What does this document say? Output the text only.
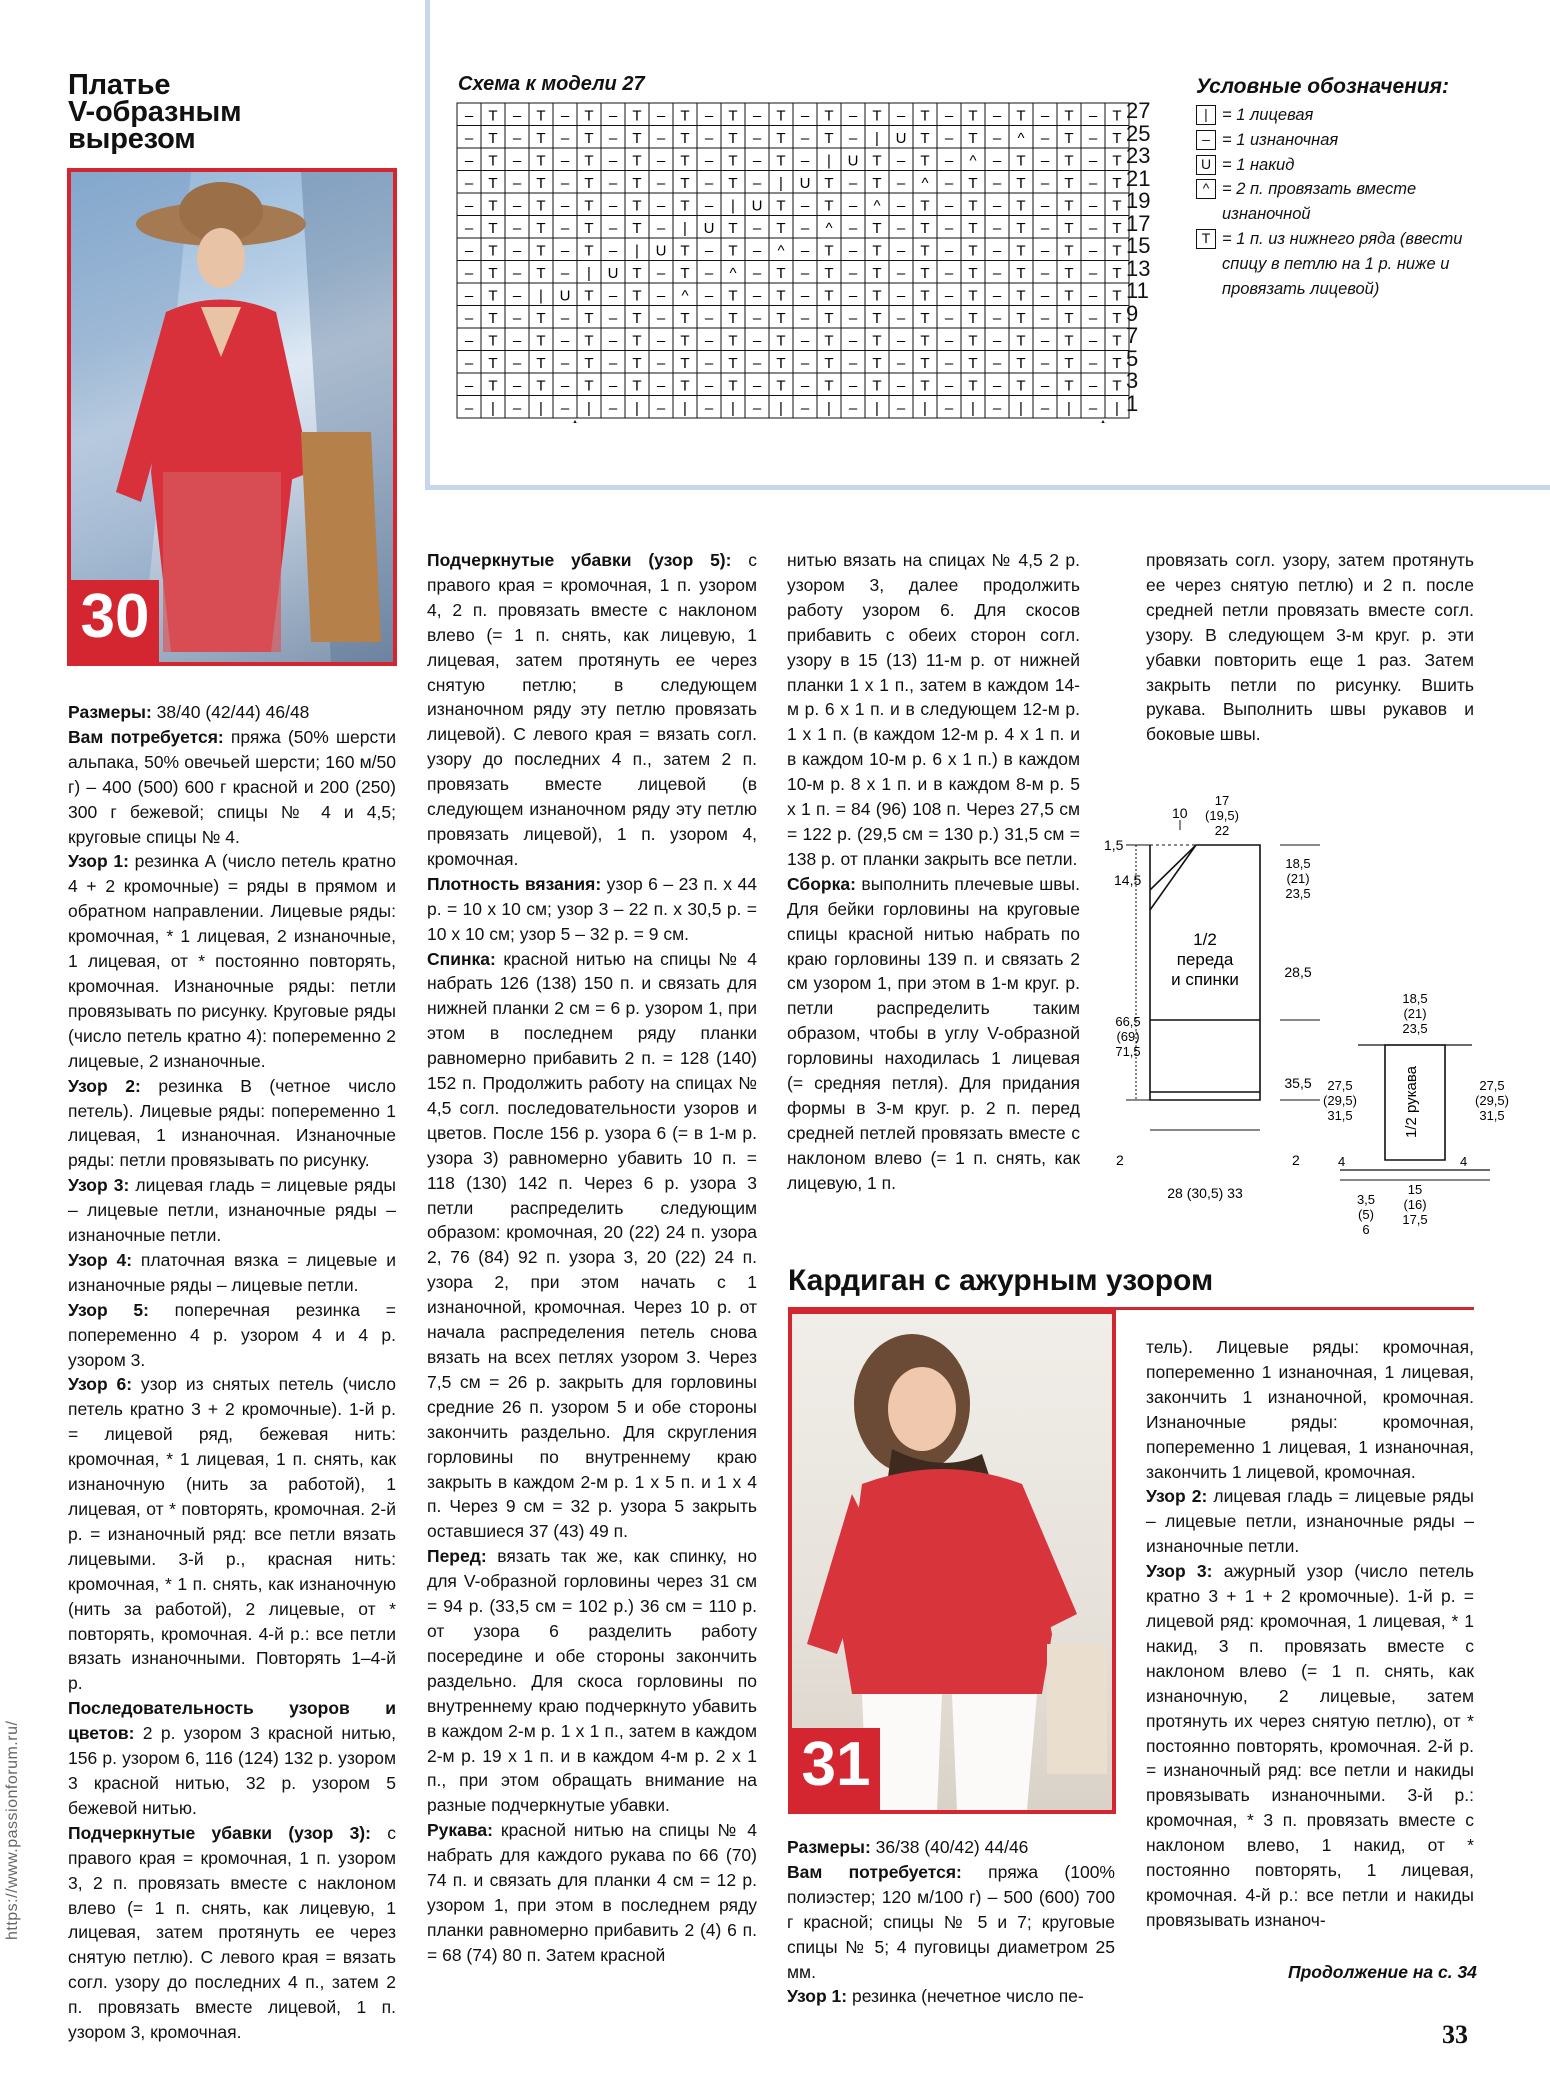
Платье
V-образным
вырезом
30

Размеры: 38/40 (42/44) 46/48

Вам потребуется: пряжа (50% шерсти альпака, 50% овечьей шерсти; 160 м/50 г) – 400 (500) 600 г красной и 200 (250) 300 г бежевой; спицы № 4 и 4,5; круговые спицы № 4.

Узор 1: резинка А (число петель кратно 4 + 2 кромочные) = ряды в прямом и обратном направлении. Лицевые ряды: кромочная, * 1 лицевая, 2 изнаночные, 1 лицевая, от * постоянно повторять, кромочная. Изнаночные ряды: петли провязывать по рисунку. Круговые ряды (число петель кратно 4): попеременно 2 лицевые, 2 изнаночные.

Узор 2: резинка В (четное число петель). Лицевые ряды: попеременно 1 лицевая, 1 изнаночная. Изнаночные ряды: петли провязывать по рисунку.

Узор 3: лицевая гладь = лицевые ряды – лицевые петли, изнаночные ряды – изнаночные петли.

Узор 4: платочная вязка = лицевые и изнаночные ряды – лицевые петли.

Узор 5: поперечная резинка = попеременно 4 р. узором 4 и 4 р. узором 3.

Узор 6: узор из снятых петель (число петель кратно 3 + 2 кромочные). 1-й р. = лицевой ряд, бежевая нить: кромочная, * 1 лицевая, 1 п. снять, как изнаночную (нить за работой), 1 лицевая, от * повторять, кромочная. 2-й р. = изнаночный ряд: все петли вязать лицевыми. 3-й р., красная нить: кромочная, * 1 п. снять, как изнаночную (нить за работой), 2 лицевые, от * повторять, кромочная. 4-й р.: все петли вязать изнаночными. Повторять 1–4-й р.

Последовательность узоров и цветов: 2 р. узором 3 красной нитью, 156 р. узором 6, 116 (124) 132 р. узором 3 красной нитью, 32 р. узором 5 бежевой нитью.

Подчеркнутые убавки (узор 3): с правого края = кромочная, 1 п. узором 3, 2 п. провязать вместе с наклоном влево (= 1 п. снять, как лицевую, 1 лицевая, затем протянуть ее через снятую петлю). С левого края = вязать согл. узору до последних 4 п., затем 2 п. провязать вместе лицевой, 1 п. узором 3, кромочная.

Подчеркнутые убавки (узор 5): с правого края = кромочная, 1 п. узором 4, 2 п. провязать вместе с наклоном влево (= 1 п. снять, как лицевую, 1 лицевая, затем протянуть ее через снятую петлю; в следующем изнаночном ряду эту петлю провязать лицевой). С левого края = вязать согл. узору до последних 4 п., затем 2 п. провязать вместе лицевой (в следующем изнаночном ряду эту петлю провязать лицевой), 1 п. узором 4, кромочная.

Плотность вязания: узор 6 – 23 п. х 44 р. = 10 х 10 см; узор 3 – 22 п. х 30,5 р. = 10 х 10 см; узор 5 – 32 р. = 9 см.

Спинка: красной нитью на спицы № 4 набрать 126 (138) 150 п. и связать для нижней планки 2 см = 6 р. узором 1, при этом в последнем ряду планки равномерно прибавить 2 п. = 128 (140) 152 п. Продолжить работу на спицах № 4,5 согл. последовательности узоров и цветов. После 156 р. узора 6 (= в 1-м р. узора 3) равномерно убавить 10 п. = 118 (130) 142 п. Через 6 р. узора 3 петли распределить следующим образом: кромочная, 20 (22) 24 п. узора 2, 76 (84) 92 п. узора 3, 20 (22) 24 п. узора 2, при этом начать с 1 изнаночной, кромочная. Через 10 р. от начала распределения петель снова вязать на всех петлях узором 3. Через 7,5 см = 26 р. закрыть для горловины средние 26 п. узором 5 и обе стороны закончить раздельно. Для скругления горловины по внутреннему краю закрыть в каждом 2-м р. 1 х 5 п. и 1 х 4 п. Через 9 см = 32 р. узора 5 закрыть оставшиеся 37 (43) 49 п.

Перед: вязать так же, как спинку, но для V-образной горловины через 31 см = 94 р. (33,5 см = 102 р.) 36 см = 110 р. от узора 6 разделить работу посередине и обе стороны закончить раздельно. Для скоса горловины по внутреннему краю подчеркнуто убавить в каждом 2-м р. 1 х 1 п., затем в каждом 2-м р. 19 х 1 п. и в каждом 4-м р. 2 х 1 п., при этом обращать внимание на разные подчеркнутые убавки.

Рукава: красной нитью на спицы № 4 набрать для каждого рукава по 66 (70) 74 п. и связать для планки 4 см = 12 р. узором 1, при этом в последнем ряду планки равномерно прибавить 2 (4) 6 п. = 68 (74) 80 п. Затем красной

нитью вязать на спицах № 4,5 2 р. узором 3, далее продолжить работу узором 6. Для скосов прибавить с обеих сторон согл. узору в 15 (13) 11-м р. от нижней планки 1 х 1 п., затем в каждом 14-м р. 6 х 1 п. и в следующем 12-м р. 1 х 1 п. (в каждом 12-м р. 4 х 1 п. и в каждом 10-м р. 6 х 1 п.) в каждом 10-м р. 8 х 1 п. и в каждом 8-м р. 5 х 1 п. = 84 (96) 108 п. Через 27,5 см = 122 р. (29,5 см = 130 р.) 31,5 см = 138 р. от планки закрыть все петли.

Сборка: выполнить плечевые швы. Для бейки горловины на круговые спицы красной нитью набрать по краю горловины 139 п. и связать 2 см узором 1, при этом в 1-м круг. р. петли распределить таким образом, чтобы в углу V-образной горловины находилась 1 лицевая (= средняя петля). Для придания формы в 3-м круг. р. 2 п. перед средней петлей провязать вместе с наклоном влево (= 1 п. снять, как лицевую, 1 п.

провязать согл. узору, затем протянуть ее через снятую петлю) и 2 п. после средней петли провязать вместе согл. узору. В следующем 3-м круг. р. эти убавки повторить еще 1 раз. Затем закрыть петли по рисунку. Вшить рукава. Выполнить швы рукавов и боковые швы.

Схема к модели 27
– T – T – T – T – T – T – T – T – T – T – T – T – T – T
– T – T – T – T – T – T – T – T – | U T – T – ^ – T – T
– T – T – T – T – T – T – T – | U T – T – ^ – T – T – T
– T – T – T – T – T – T – | U T – T – ^ – T – T – T – T
– T – T – T – T – T – | U T – T – ^ – T – T – T – T – T
– T – T – T – T – | U T – T – ^ – T – T – T – T – T – T
– T – T – T – | U T – T – ^ – T – T – T – T – T – T – T
– T – T – | U T – T – ^ – T – T – T – T – T – T – T – T
– T – | U T – T – ^ – T – T – T – T – T – T – T – T – T
– T – T – T – T – T – T – T – T – T – T – T – T – T – T
– T – T – T – T – T – T – T – T – T – T – T – T – T – T
– T – T – T – T – T – T – T – T – T – T – T – T – T – T
– T – T – T – T – T – T – T – T – T – T – T – T – T – T
– | – | – | – | – | – | – | – | – | – | – | – | – | – |
27
25
23
21
19
17
15
13
11
9
7
5
3
1
Условные обозначения:
| = 1 лицевая
– = 1 изнаночная
U = 1 накид
^ = 2 п. провязать вместе изнаночной
T = 1 п. из нижнего ряда (ввести спицу в петлю на 1 р. ниже и провязать лицевой)
1/2
переда
и спинки
10
17
(19,5)
22
1,5
14,5
18,5
(21)
23,5
28,5
35,5
66,5
(69)
71,5
2	2
28 (30,5) 33
1/2 рукава
18,5
(21)
23,5
27,5
(29,5)
31,5
27,5
(29,5)
31,5
4	4
15
(16)
17,5
3,5
(5)
6
Кардиган с ажурным узором
31

Размеры: 36/38 (40/42) 44/46

Вам потребуется: пряжа (100% полиэстер; 120 м/100 г) – 500 (600) 700 г красной; спицы № 5 и 7; круговые спицы № 5; 4 пуговицы диаметром 25 мм.

Узор 1: резинка (нечетное число пе-

тель). Лицевые ряды: кромочная, попеременно 1 изнаночная, 1 лицевая, закончить 1 изнаночной, кромочная. Изнаночные ряды: кромочная, попеременно 1 лицевая, 1 изнаночная, закончить 1 лицевой, кромочная.

Узор 2: лицевая гладь = лицевые ряды – лицевые петли, изнаночные ряды – изнаночные петли.

Узор 3: ажурный узор (число петель кратно 3 + 1 + 2 кромочные). 1-й р. = лицевой ряд: кромочная, 1 лицевая, * 1 накид, 3 п. провязать вместе с наклоном влево (= 1 п. снять, как изнаночную, 2 лицевые, затем протянуть их через снятую петлю), от * постоянно повторять, кромочная. 2-й р. = изнаночный ряд: все петли и накиды провязывать изнаночными. 3-й р.: кромочная, * 3 п. провязать вместе с наклоном влево, 1 накид, от * постоянно повторять, 1 лицевая, кромочная. 4-й р.: все петли и накиды провязывать изнаноч-

Продолжение на с. 34
33
https://www.passionforum.ru/
